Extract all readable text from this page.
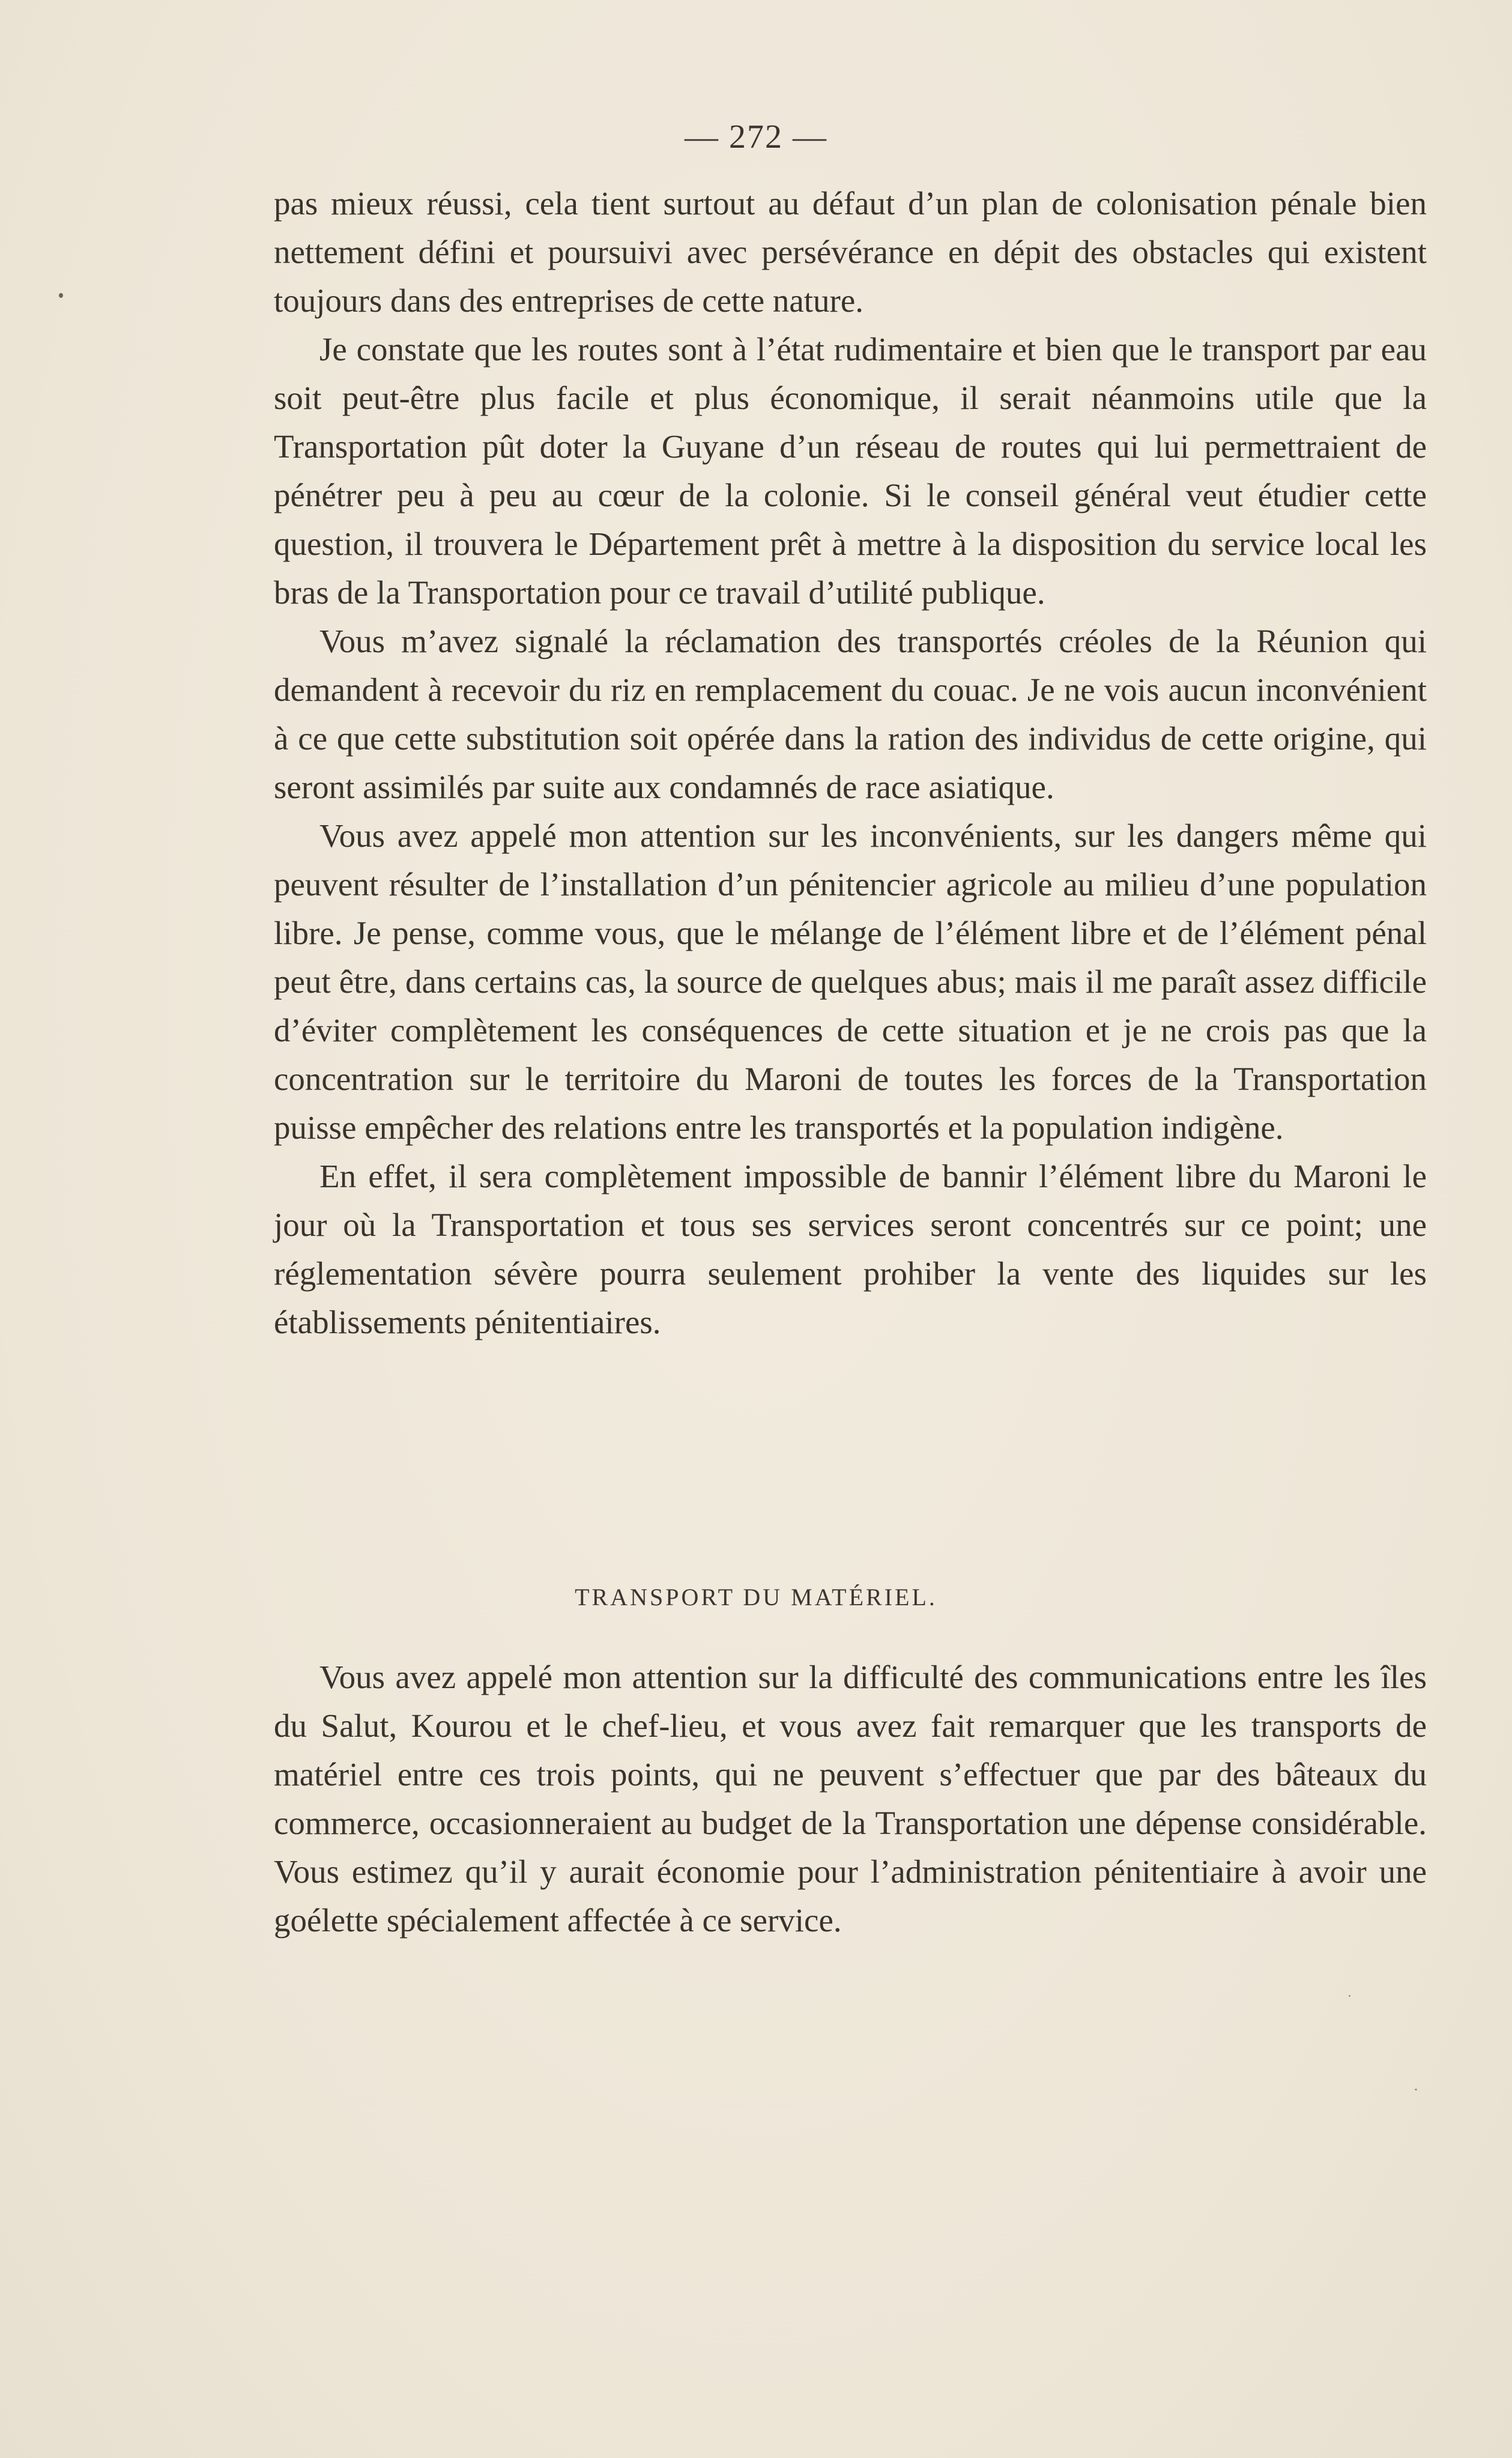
— 272 —

pas mieux réussi, cela tient surtout au défaut d’un plan de colonisation pénale bien nettement défini et poursuivi avec persévérance en dépit des obstacles qui existent toujours dans des entreprises de cette nature.

Je constate que les routes sont à l’état rudimentaire et bien que le transport par eau soit peut-être plus facile et plus économique, il serait néanmoins utile que la Transportation pût doter la Guyane d’un réseau de routes qui lui permettraient de pénétrer peu à peu au cœur de la colonie. Si le conseil général veut étudier cette question, il trouvera le Département prêt à mettre à la disposition du service local les bras de la Transportation pour ce travail d’utilité publique.

Vous m’avez signalé la réclamation des transportés créoles de la Réunion qui demandent à recevoir du riz en remplacement du couac. Je ne vois aucun inconvénient à ce que cette substitution soit opérée dans la ration des individus de cette origine, qui seront assimilés par suite aux condamnés de race asiatique.

Vous avez appelé mon attention sur les inconvénients, sur les dangers même qui peuvent résulter de l’installation d’un pénitencier agricole au milieu d’une population libre. Je pense, comme vous, que le mélange de l’élément libre et de l’élément pénal peut être, dans certains cas, la source de quelques abus; mais il me paraît assez difficile d’éviter complètement les conséquences de cette situation et je ne crois pas que la concentration sur le territoire du Maroni de toutes les forces de la Transportation puisse empêcher des relations entre les transportés et la population indigène.

En effet, il sera complètement impossible de bannir l’élément libre du Maroni le jour où la Transportation et tous ses services seront concentrés sur ce point; une réglementation sévère pourra seulement prohiber la vente des liquides sur les établissements pénitentiaires.

TRANSPORT DU MATÉRIEL.

Vous avez appelé mon attention sur la difficulté des communications entre les îles du Salut, Kourou et le chef-lieu, et vous avez fait remarquer que les transports de matériel entre ces trois points, qui ne peuvent s’effectuer que par des bâteaux du commerce, occasionneraient au budget de la Transportation une dépense considérable. Vous estimez qu’il y aurait économie pour l’administration pénitentiaire à avoir une goélette spécialement affectée à ce service.
